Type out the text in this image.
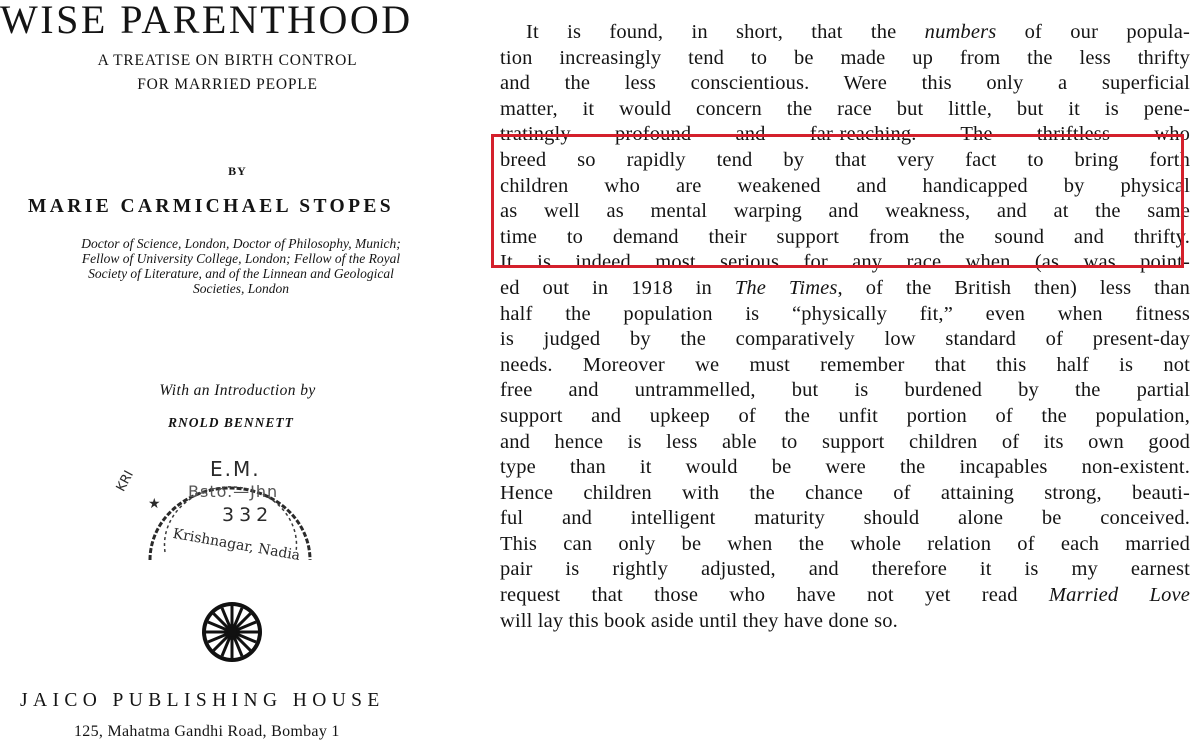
WISE PARENTHOOD
A TREATISE ON BIRTH CONTROL
FOR MARRIED PEOPLE
BY
MARIE CARMICHAEL STOPES
Doctor of Science, London, Doctor of Philosophy, Munich;
Fellow of University College, London; Fellow of the Royal
Society of Literature, and of the Linnean and Geological
Societies, London
With an Introduction by
★
KRI	E.M.
Bsto.—Jhn
332
Krishnagar, Nadia
RNOLD BENNETT
JAICO PUBLISHING HOUSE
125, Mahatma Gandhi Road, Bombay 1
It is found, in short, that the numbers of our popula-
tion increasingly tend to be made up from the less thrifty
and the less conscientious. Were this only a superficial
matter, it would concern the race but little, but it is pene-
tratingly profound and far-reaching. The thriftless who
breed so rapidly tend by that very fact to bring forth
children who are weakened and handicapped by physical
as well as mental warping and weakness, and at the same
time to demand their support from the sound and thrifty.
It is indeed most serious for any race when (as was point-
ed out in 1918 in The Times, of the British then) less than
half the population is “physically fit,” even when fitness
is judged by the comparatively low standard of present-day
needs. Moreover we must remember that this half is not
free and untrammelled, but is burdened by the partial
support and upkeep of the unfit portion of the population,
and hence is less able to support children of its own good
type than it would be were the incapables non-existent.
Hence children with the chance of attaining strong, beauti-
ful and intelligent maturity should alone be conceived.
This can only be when the whole relation of each married
pair is rightly adjusted, and therefore it is my earnest
request that those who have not yet read Married Love
will lay this book aside until they have done so.
